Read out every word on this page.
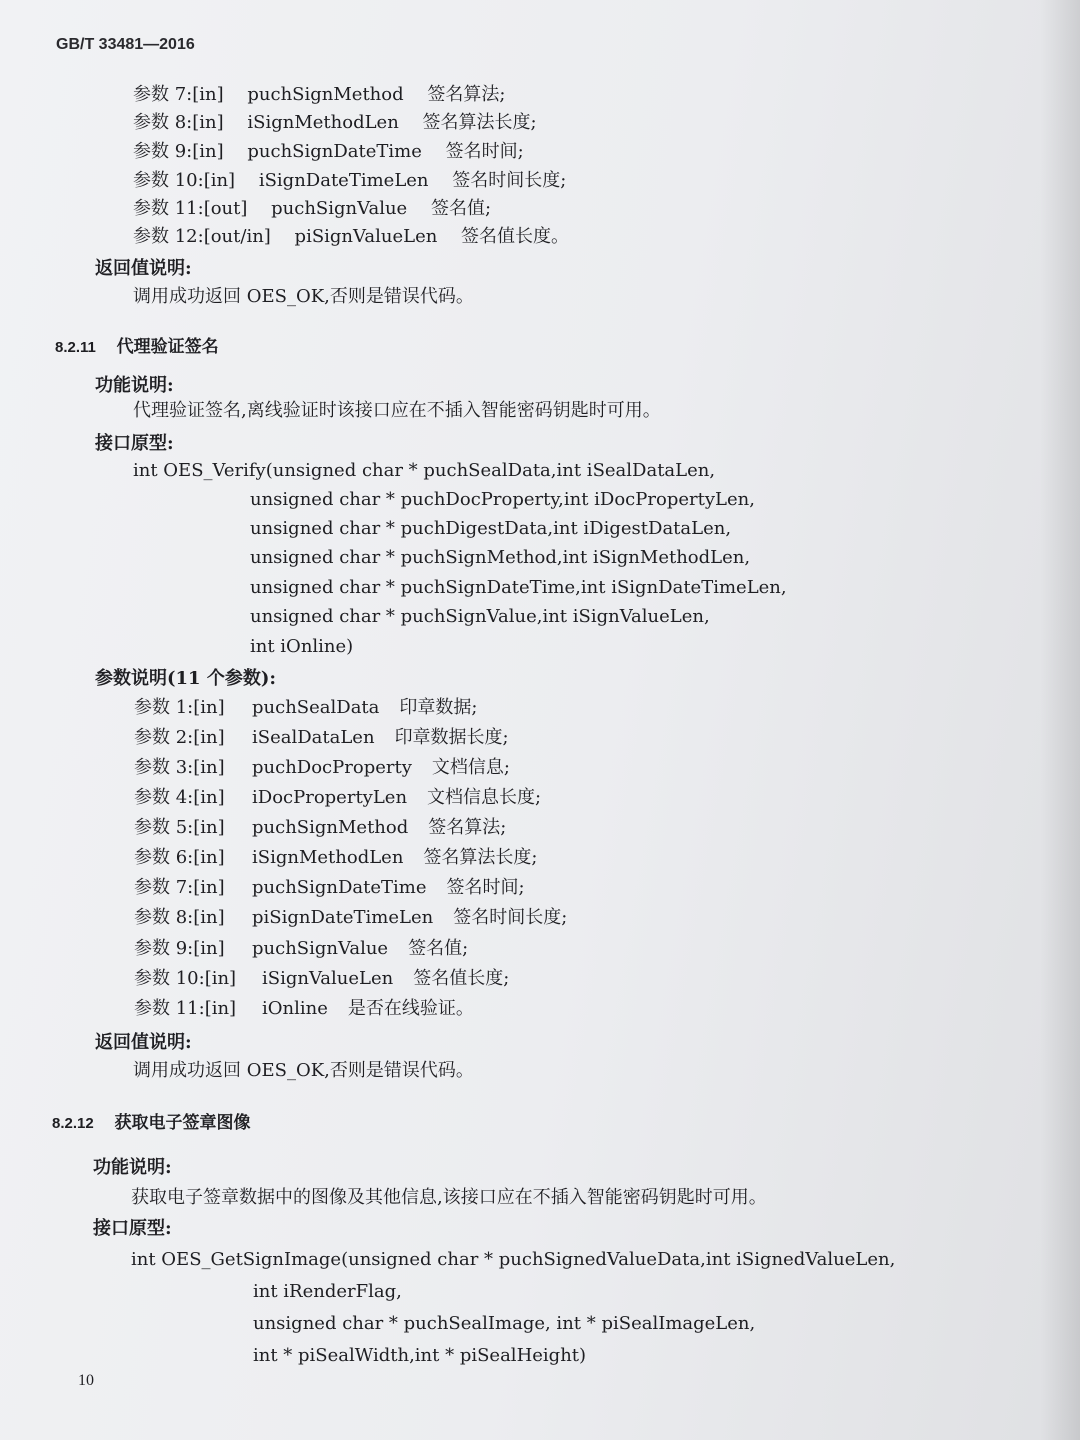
GB/T 33481—2016
参数 7:[in] puchSignMethod 签名算法;
参数 8:[in] iSignMethodLen 签名算法长度;
参数 9:[in] puchSignDateTime 签名时间;
参数 10:[in] iSignDateTimeLen 签名时间长度;
参数 11:[out] puchSignValue 签名值;
参数 12:[out/in] piSignValueLen 签名值长度。
返回值说明:
调用成功返回 OES_OK,否则是错误代码。
8.2.11 代理验证签名
功能说明:
代理验证签名,离线验证时该接口应在不插入智能密码钥匙时可用。
接口原型:
int OES_Verify(unsigned char * puchSealData,int iSealDataLen,
unsigned char * puchDocProperty,int iDocPropertyLen,
unsigned char * puchDigestData,int iDigestDataLen,
unsigned char * puchSignMethod,int iSignMethodLen,
unsigned char * puchSignDateTime,int iSignDateTimeLen,
unsigned char * puchSignValue,int iSignValueLen,
int iOnline)
参数说明(11 个参数):
参数 1:[in] puchSealData 印章数据;
参数 2:[in] iSealDataLen 印章数据长度;
参数 3:[in] puchDocProperty 文档信息;
参数 4:[in] iDocPropertyLen 文档信息长度;
参数 5:[in] puchSignMethod 签名算法;
参数 6:[in] iSignMethodLen 签名算法长度;
参数 7:[in] puchSignDateTime 签名时间;
参数 8:[in] piSignDateTimeLen 签名时间长度;
参数 9:[in] puchSignValue 签名值;
参数 10:[in] iSignValueLen 签名值长度;
参数 11:[in] iOnline 是否在线验证。
返回值说明:
调用成功返回 OES_OK,否则是错误代码。
8.2.12 获取电子签章图像
功能说明:
获取电子签章数据中的图像及其他信息,该接口应在不插入智能密码钥匙时可用。
接口原型:
int OES_GetSignImage(unsigned char * puchSignedValueData,int iSignedValueLen,
int iRenderFlag,
unsigned char * puchSealImage, int * piSealImageLen,
int * piSealWidth,int * piSealHeight)
10
